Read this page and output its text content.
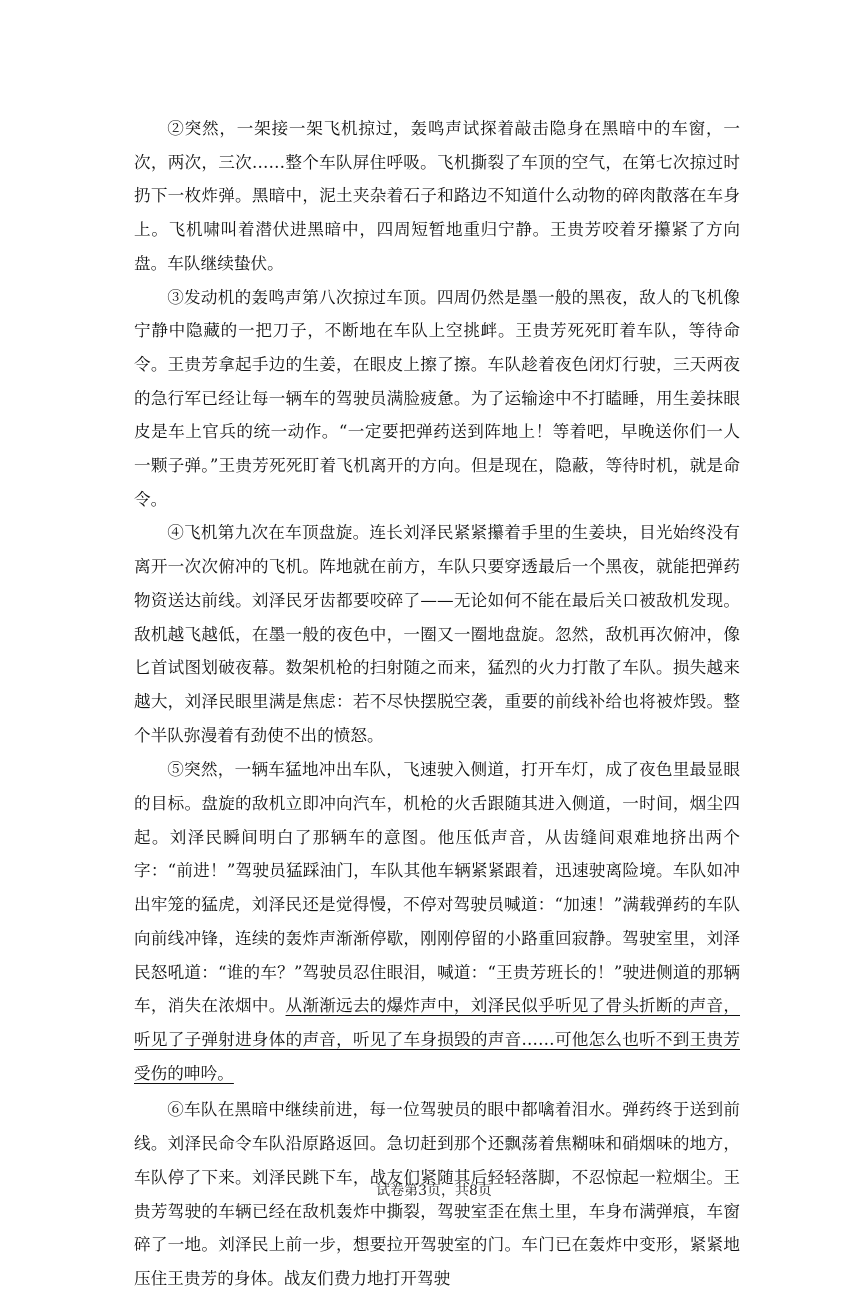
②突然，一架接一架飞机掠过，轰鸣声试探着敲击隐身在黑暗中的车窗，一次，两次，三次……整个车队屏住呼吸。飞机撕裂了车顶的空气，在第七次掠过时扔下一枚炸弹。黑暗中，泥土夹杂着石子和路边不知道什么动物的碎肉散落在车身上。飞机啸叫着潜伏进黑暗中，四周短暂地重归宁静。王贵芳咬着牙攥紧了方向盘。车队继续蛰伏。

③发动机的轰鸣声第八次掠过车顶。四周仍然是墨一般的黑夜，敌人的飞机像宁静中隐藏的一把刀子，不断地在车队上空挑衅。王贵芳死死盯着车队，等待命令。王贵芳拿起手边的生姜，在眼皮上擦了擦。车队趁着夜色闭灯行驶，三天两夜的急行军已经让每一辆车的驾驶员满脸疲惫。为了运输途中不打瞌睡，用生姜抹眼皮是车上官兵的统一动作。“一定要把弹药送到阵地上！等着吧，早晚送你们一人一颗子弹。”王贵芳死死盯着飞机离开的方向。但是现在，隐蔽，等待时机，就是命令。

④飞机第九次在车顶盘旋。连长刘泽民紧紧攥着手里的生姜块，目光始终没有离开一次次俯冲的飞机。阵地就在前方，车队只要穿透最后一个黑夜，就能把弹药物资送达前线。刘泽民牙齿都要咬碎了——无论如何不能在最后关口被敌机发现。敌机越飞越低，在墨一般的夜色中，一圈又一圈地盘旋。忽然，敌机再次俯冲，像匕首试图划破夜幕。数架机枪的扫射随之而来，猛烈的火力打散了车队。损失越来越大，刘泽民眼里满是焦虑：若不尽快摆脱空袭，重要的前线补给也将被炸毁。整个半队弥漫着有劲使不出的愤怒。

⑤突然，一辆车猛地冲出车队，飞速驶入侧道，打开车灯，成了夜色里最显眼的目标。盘旋的敌机立即冲向汽车，机枪的火舌跟随其进入侧道，一时间，烟尘四起。刘泽民瞬间明白了那辆车的意图。他压低声音，从齿缝间艰难地挤出两个字：“前进！”驾驶员猛踩油门，车队其他车辆紧紧跟着，迅速驶离险境。车队如冲出牢笼的猛虎，刘泽民还是觉得慢，不停对驾驶员喊道：“加速！”满载弹药的车队向前线冲锋，连续的轰炸声渐渐停歇，刚刚停留的小路重回寂静。驾驶室里，刘泽民怒吼道：“谁的车？”驾驶员忍住眼泪，喊道：“王贵芳班长的！”驶进侧道的那辆车，消失在浓烟中。从渐渐远去的爆炸声中，刘泽民似乎听见了骨头折断的声音，听见了子弹射进身体的声音，听见了车身损毁的声音……可他怎么也听不到王贵芳受伤的呻吟。

⑥车队在黑暗中继续前进，每一位驾驶员的眼中都噙着泪水。弹药终于送到前线。刘泽民命令车队沿原路返回。急切赶到那个还飘荡着焦糊味和硝烟味的地方，车队停了下来。刘泽民跳下车，战友们紧随其后轻轻落脚，不忍惊起一粒烟尘。王贵芳驾驶的车辆已经在敌机轰炸中撕裂，驾驶室歪在焦土里，车身布满弹痕，车窗碎了一地。刘泽民上前一步，想要拉开驾驶室的门。车门已在轰炸中变形，紧紧地压住王贵芳的身体。战友们费力地打开驾驶

试卷第3页，共8页
